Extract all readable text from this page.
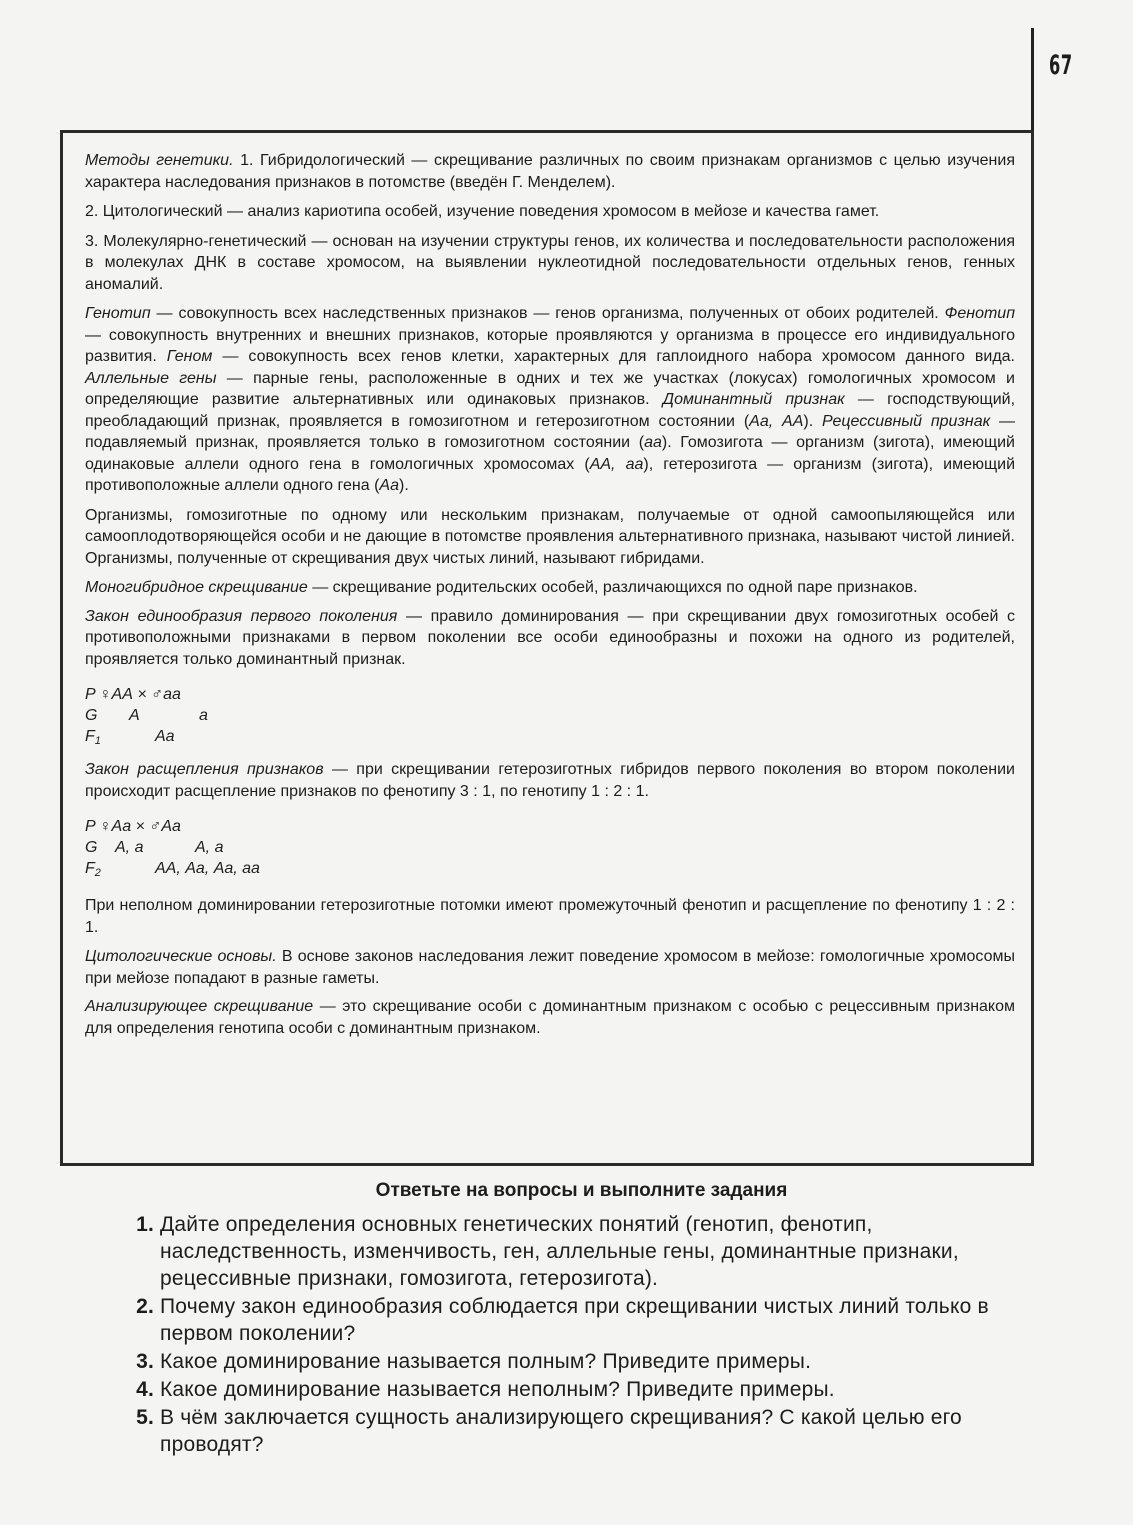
67

Методы генетики. 1. Гибридологический — скрещивание различных по своим признакам организмов с целью изучения характера наследования признаков в потомстве (введён Г. Менделем).

2. Цитологический — анализ кариотипа особей, изучение поведения хромосом в мейозе и качества гамет.

3. Молекулярно-генетический — основан на изучении структуры генов, их количества и последовательности расположения в молекулах ДНК в составе хромосом, на выявлении нуклеотидной последовательности отдельных генов, генных аномалий.

Генотип — совокупность всех наследственных признаков — генов организма, полученных от обоих родителей. Фенотип — совокупность внутренних и внешних признаков, которые проявляются у организма в процессе его индивидуального развития. Геном — совокупность всех генов клетки, характерных для гаплоидного набора хромосом данного вида. Аллельные гены — парные гены, расположенные в одних и тех же участках (локусах) гомологичных хромосом и определяющие развитие альтернативных или одинаковых признаков. Доминантный признак — господствующий, преобладающий признак, проявляется в гомозиготном и гетерозиготном состоянии (Аа, АА). Рецессивный признак — подавляемый признак, проявляется только в гомозиготном состоянии (аа). Гомозигота — организм (зигота), имеющий одинаковые аллели одного гена в гомологичных хромосомах (АА, аа), гетерозигота — организм (зигота), имеющий противоположные аллели одного гена (Аа).

Организмы, гомозиготные по одному или нескольким признакам, получаемые от одной самоопыляющейся или самооплодотворяющейся особи и не дающие в потомстве проявления альтернативного признака, называют чистой линией. Организмы, полученные от скрещивания двух чистых линий, называют гибридами.

Моногибридное скрещивание — скрещивание родительских особей, различающихся по одной паре признаков.

Закон единообразия первого поколения — правило доминирования — при скрещивании двух гомозиготных особей с противоположными признаками в первом поколении все особи единообразны и похожи на одного из родителей, проявляется только доминантный признак.

P ♀АА × ♂аа
G	А	а
$F_1$	Аа

Закон расщепления признаков — при скрещивании гетерозиготных гибридов первого поколения во втором поколении происходит расщепление признаков по фенотипу 3 : 1, по генотипу 1 : 2 : 1.

P ♀Аа × ♂Аа
G	А, а	А, а
$F_2$	АА, Аа, Аа, аа

При неполном доминировании гетерозиготные потомки имеют промежуточный фенотип и расщепление по фенотипу 1 : 2 : 1.

Цитологические основы. В основе законов наследования лежит поведение хромосом в мейозе: гомологичные хромосомы при мейозе попадают в разные гаметы.

Анализирующее скрещивание — это скрещивание особи с доминантным признаком с особью с рецессивным признаком для определения генотипа особи с доминантным признаком.

Ответьте на вопросы и выполните задания
1. Дайте определения основных генетических понятий (генотип, фенотип, наследственность, изменчивость, ген, аллельные гены, доминантные признаки, рецессивные признаки, гомозигота, гетерозигота).
2. Почему закон единообразия соблюдается при скрещивании чистых линий только в первом поколении?
3. Какое доминирование называется полным? Приведите примеры.
4. Какое доминирование называется неполным? Приведите примеры.
5. В чём заключается сущность анализирующего скрещивания? С какой целью его проводят?
